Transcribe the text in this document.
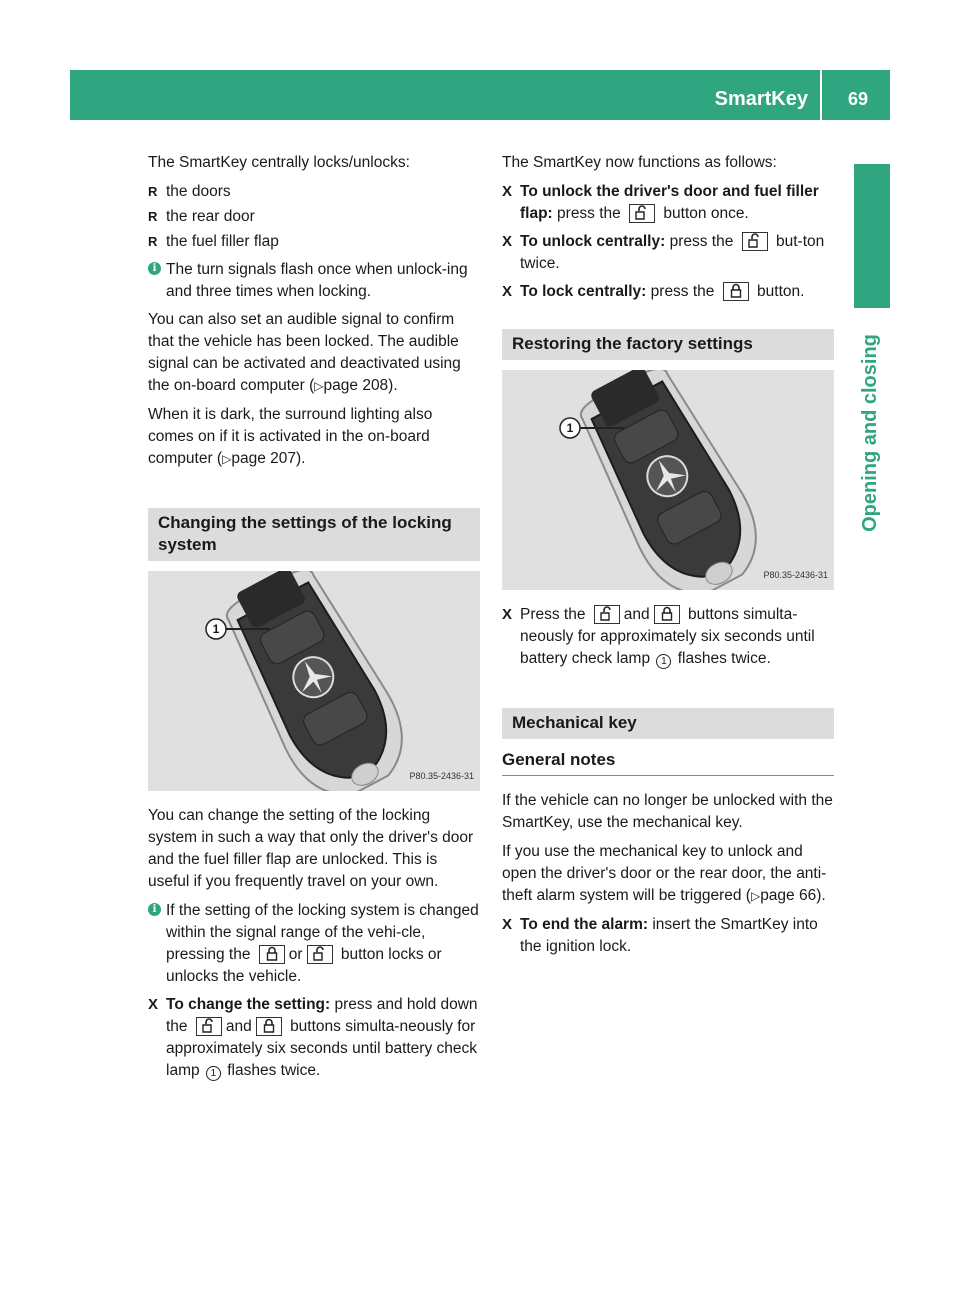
SmartKey	69
Opening and closing

The SmartKey centrally locks/unlocks:

R the doors
R the rear door
R the fuel filler flap
i The turn signals flash once when unlock-ing and three times when locking.

You can also set an audible signal to confirm that the vehicle has been locked. The audible signal can be activated and deactivated using the on-board computer (▷page 208).

When it is dark, the surround lighting also comes on if it is activated in the on-board computer (▷page 207).

Changing the settings of the locking system
1
P80.35-2436-31

You can change the setting of the locking system in such a way that only the driver's door and the fuel filler flap are unlocked. This is useful if you frequently travel on your own.

i If the setting of the locking system is changed within the signal range of the vehi-cle, pressing the or button locks or unlocks the vehicle.
X To change the setting: press and hold down the and buttons simulta-neously for approximately six seconds until battery check lamp 1 flashes twice.

The SmartKey now functions as follows:

X To unlock the driver's door and fuel filler flap: press the	button once.
X To unlock centrally: press the	but-ton twice.
X To lock centrally: press the	button.
Restoring the factory settings
1
P80.35-2436-31
X Press the and buttons simulta-neously for approximately six seconds until battery check lamp 1 flashes twice.
Mechanical key
General notes

If the vehicle can no longer be unlocked with the SmartKey, use the mechanical key.

If you use the mechanical key to unlock and open the driver's door or the rear door, the anti-theft alarm system will be triggered (▷page 66).

X To end the alarm: insert the SmartKey into the ignition lock.
